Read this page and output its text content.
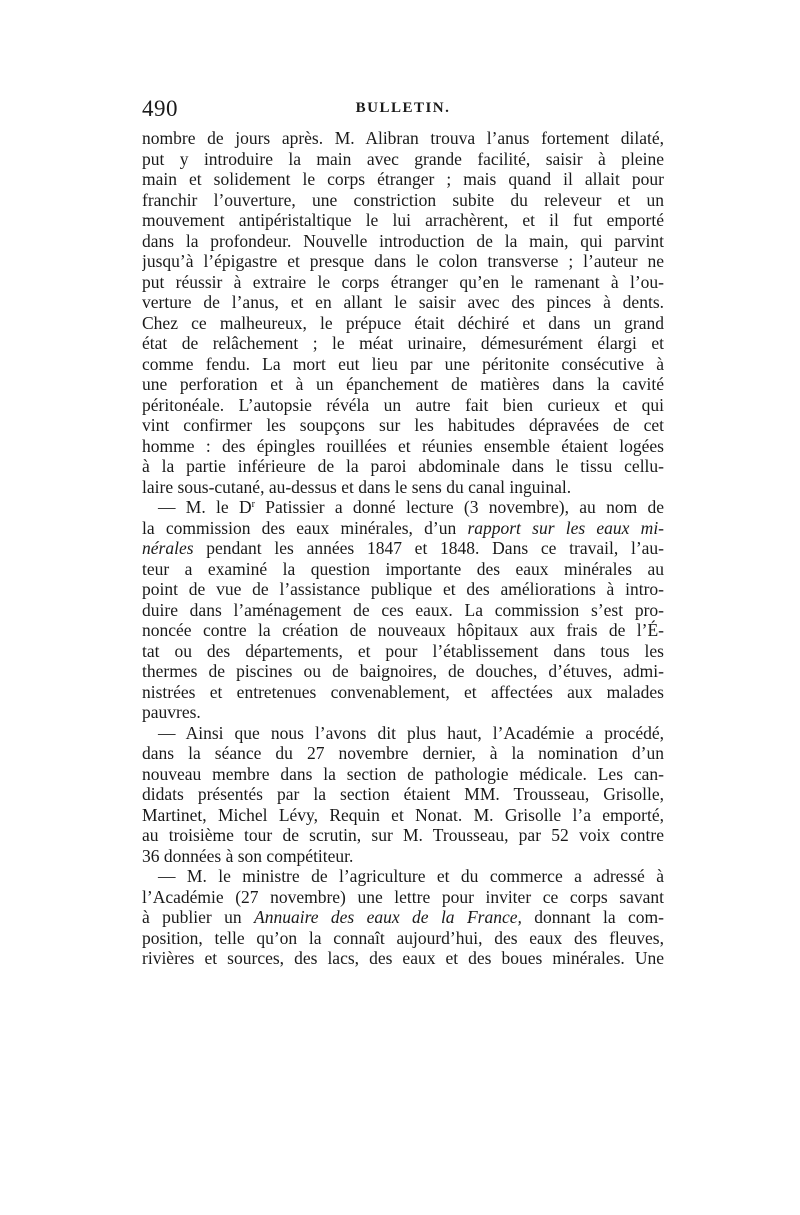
490	BULLETIN.
nombre de jours après. M. Alibran trouva l’anus fortement dilaté,
put y introduire la main avec grande facilité, saisir à pleine
main et solidement le corps étranger ; mais quand il allait pour
franchir l’ouverture, une constriction subite du releveur et un
mouvement antipéristaltique le lui arrachèrent, et il fut emporté
dans la profondeur. Nouvelle introduction de la main, qui parvint
jusqu’à l’épigastre et presque dans le colon transverse ; l’auteur ne
put réussir à extraire le corps étranger qu’en le ramenant à l’ou-
verture de l’anus, et en allant le saisir avec des pinces à dents.
Chez ce malheureux, le prépuce était déchiré et dans un grand
état de relâchement ; le méat urinaire, démesurément élargi et
comme fendu. La mort eut lieu par une péritonite consécutive à
une perforation et à un épanchement de matières dans la cavité
péritonéale. L’autopsie révéla un autre fait bien curieux et qui
vint confirmer les soupçons sur les habitudes dépravées de cet
homme : des épingles rouillées et réunies ensemble étaient logées
à la partie inférieure de la paroi abdominale dans le tissu cellu-
laire sous-cutané, au-dessus et dans le sens du canal inguinal.
— M. le $D^r$ Patissier a donné lecture (3 novembre), au nom de
la commission des eaux minérales, d’un rapport sur les eaux mi-
nérales pendant les années 1847 et 1848. Dans ce travail, l’au-
teur a examiné la question importante des eaux minérales au
point de vue de l’assistance publique et des améliorations à intro-
duire dans l’aménagement de ces eaux. La commission s’est pro-
noncée contre la création de nouveaux hôpitaux aux frais de l’É-
tat ou des départements, et pour l’établissement dans tous les
thermes de piscines ou de baignoires, de douches, d’étuves, admi-
nistrées et entretenues convenablement, et affectées aux malades
pauvres.
— Ainsi que nous l’avons dit plus haut, l’Académie a procédé,
dans la séance du 27 novembre dernier, à la nomination d’un
nouveau membre dans la section de pathologie médicale. Les can-
didats présentés par la section étaient MM. Trousseau, Grisolle,
Martinet, Michel Lévy, Requin et Nonat. M. Grisolle l’a emporté,
au troisième tour de scrutin, sur M. Trousseau, par 52 voix contre
36 données à son compétiteur.
— M. le ministre de l’agriculture et du commerce a adressé à
l’Académie (27 novembre) une lettre pour inviter ce corps savant
à publier un Annuaire des eaux de la France, donnant la com-
position, telle qu’on la connaît aujourd’hui, des eaux des fleuves,
rivières et sources, des lacs, des eaux et des boues minérales. Une
